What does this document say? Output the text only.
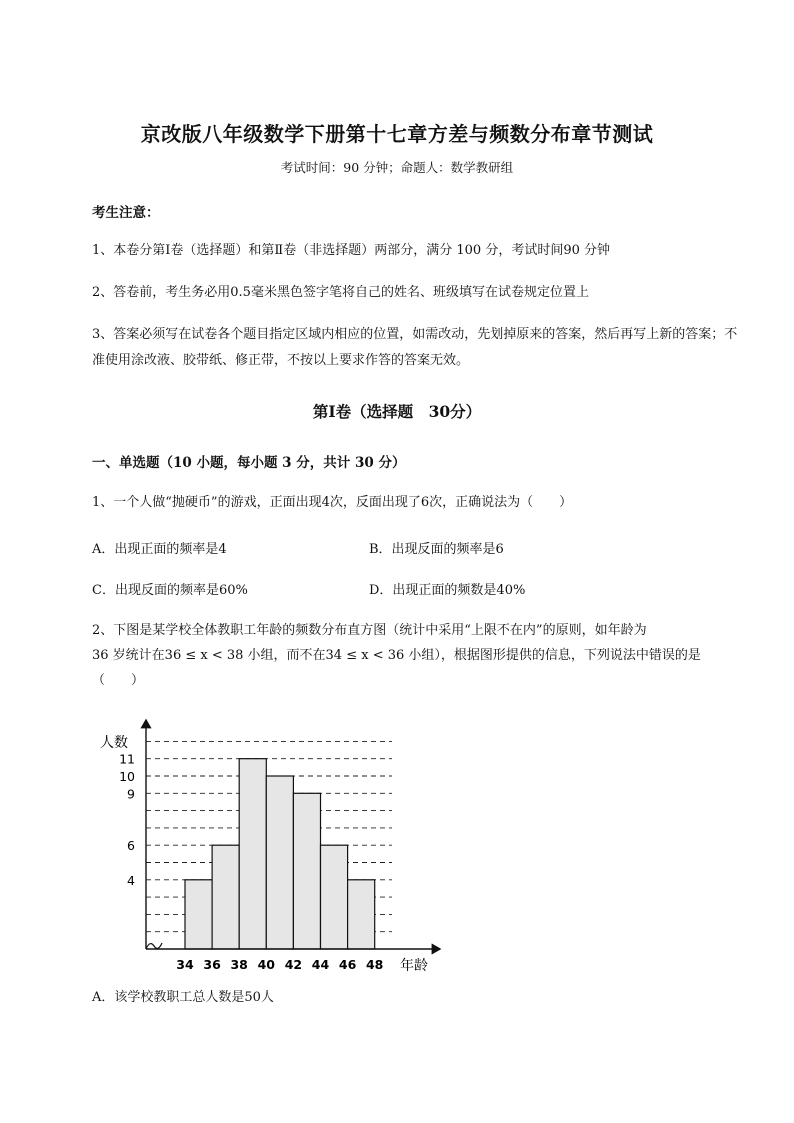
京改版八年级数学下册第十七章方差与频数分布章节测试
考试时间：90 分钟；命题人：数学教研组
考生注意：
1、本卷分第Ⅰ卷（选择题）和第Ⅱ卷（非选择题）两部分，满分 100 分，考试时间90 分钟
2、答卷前，考生务必用0.5毫米黑色签字笔将自己的姓名、班级填写在试卷规定位置上
3、答案必须写在试卷各个题目指定区域内相应的位置，如需改动，先划掉原来的答案，然后再写上新的答案；不准使用涂改液、胶带纸、修正带，不按以上要求作答的答案无效。
第Ⅰ卷（选择题　30分）
一、单选题（10 小题，每小题 3 分，共计 30 分）
1、一个人做“抛硬币”的游戏，正面出现4次，反面出现了6次，正确说法为（　　）
A．出现正面的频率是4	B．出现反面的频率是6
C．出现反面的频率是60%	D．出现正面的频数是40%
2、下图是某学校全体教职工年龄的频数分布直方图（统计中采用“上限不在内”的原则，如年龄为
36 岁统计在36 ≤ x < 38 小组，而不在34 ≤ x < 36 小组），根据图形提供的信息，下列说法中错误的是
（　　）
人数
年龄
4
6
9
10
11
34 36 38 40 42 44 46 48
A．该学校教职工总人数是50人
